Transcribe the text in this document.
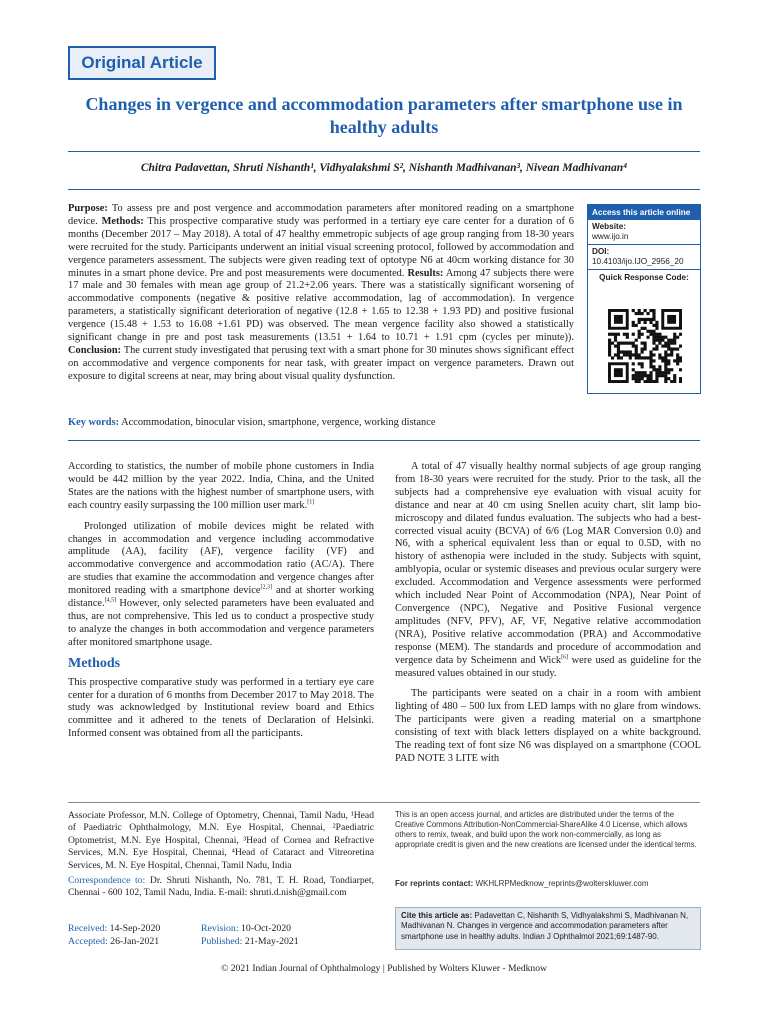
Original Article
Changes in vergence and accommodation parameters after smartphone use in healthy adults
Chitra Padavettan, Shruti Nishanth¹, Vidhyalakshmi S², Nishanth Madhivanan³, Nivean Madhivanan⁴

Purpose: To assess pre and post vergence and accommodation parameters after monitored reading on a smartphone device. Methods: This prospective comparative study was performed in a tertiary eye care center for a duration of 6 months (December 2017 – May 2018). A total of 47 healthy emmetropic subjects of age group ranging from 18-30 years were recruited for the study. Participants underwent an initial visual screening protocol, followed by accommodation and vergence parameters assessment. The subjects were given reading text of optotype N6 at 40cm working distance for 30 minutes in a smart phone device. Pre and post measurements were documented. Results: Among 47 subjects there were 17 male and 30 females with mean age group of 21.2+2.06 years. There was a statistically significant worsening of accommodative components (negative & positive relative accommodation, lag of accommodation). In vergence parameters, a statistically significant deterioration of negative (12.8 + 1.65 to 12.38 + 1.93 PD) and positive fusional vergence (15.48 + 1.53 to 16.08 +1.61 PD) was observed. The mean vergence facility also showed a statistically significant change in pre and post task measurements (13.51 + 1.64 to 10.71 + 1.91 cpm (cycles per minute)). Conclusion: The current study investigated that perusing text with a smart phone for 30 minutes shows significant effect on accommodative and vergence components for near task, with greater impact on vergence parameters. Drawn out exposure to digital screens at near, may bring about visual quality dysfunction.

Access this article online
Website:
www.ijo.in
DOI:
10.4103/ijo.IJO_2956_20
Quick Response Code:

Key words: Accommodation, binocular vision, smartphone, vergence, working distance

According to statistics, the number of mobile phone customers in India would be 442 million by the year 2022. India, China, and the United States are the nations with the highest number of smartphone users, with each country easily surpassing the 100 million user mark.[1]

Prolonged utilization of mobile devices might be related with changes in accommodation and vergence including accommodative amplitude (AA), facility (AF), vergence facility (VF) and accommodative convergence and accommodation ratio (AC/A). There are studies that examine the accommodation and vergence changes after monitored reading with a smartphone device[2,3] and at shorter working distance.[4,5] However, only selected parameters have been evaluated and thus, are not comprehensive. This led us to conduct a prospective study to analyze the changes in both accommodation and vergence parameters after monitored smartphone usage.

Methods

This prospective comparative study was performed in a tertiary eye care center for a duration of 6 months from December 2017 to May 2018. The study was acknowledged by Institutional review board and Ethics committee and it adhered to the tenets of Declaration of Helsinki. Informed consent was obtained from all the participants.

A total of 47 visually healthy normal subjects of age group ranging from 18-30 years were recruited for the study. Prior to the task, all the subjects had a comprehensive eye evaluation with visual acuity for distance and near at 40 cm using Snellen acuity chart, slit lamp bio-microscopy and dilated fundus evaluation. The subjects who had a best-corrected visual acuity (BCVA) of 6/6 (Log MAR Conversion 0.0) and N6, with a spherical equivalent less than or equal to 0.5D, with no history of asthenopia were included in the study. Subjects with squint, amblyopia, ocular or systemic diseases and previous ocular surgery were excluded. Accommodation and Vergence assessments were performed which included Near Point of Accommodation (NPA), Near Point of Convergence (NPC), Negative and Positive Fusional vergence amplitudes (NFV, PFV), AF, VF, Negative relative accommodation (NRA), Positive relative accommodation (PRA) and Accommodative response (MEM). The standards and procedure of accommodation and vergence data by Scheimenn and Wick[6] were used as guideline for the measured values obtained in our study.

The participants were seated on a chair in a room with ambient lighting of 480 – 500 lux from LED lamps with no glare from windows. The participants were given a reading material on a smartphone consisting of text with black letters displayed on a white background. The reading text of font size N6 was displayed on a smartphone (COOL PAD NOTE 3 LITE with

Associate Professor, M.N. College of Optometry, Chennai, Tamil Nadu, ¹Head of Paediatric Ophthalmology, M.N. Eye Hospital, Chennai, ²Paediatric Optometrist, M.N. Eye Hospital, Chennai, ³Head of Cornea and Refractive Services, M.N. Eye Hospital, Chennai, ⁴Head of Cataract and Vitreoretina Services, M. N. Eye Hospital, Chennai, Tamil Nadu, India
Correspondence to: Dr. Shruti Nishanth, No. 781, T. H. Road, Tondiarpet, Chennai - 600 102, Tamil Nadu, India. E-mail: shruti.d.nish@gmail.com
Received: 14-Sep-2020	Revision: 10-Oct-2020
Accepted: 26-Jan-2021	Published: 21-May-2021
This is an open access journal, and articles are distributed under the terms of the Creative Commons Attribution-NonCommercial-ShareAlike 4.0 License, which allows others to remix, tweak, and build upon the work non-commercially, as long as appropriate credit is given and the new creations are licensed under the identical terms.
For reprints contact: WKHLRPMedknow_reprints@wolterskluwer.com
Cite this article as: Padavettan C, Nishanth S, Vidhyalakshmi S, Madhivanan N, Madhivanan N. Changes in vergence and accommodation parameters after smartphone use in healthy adults. Indian J Ophthalmol 2021;69:1487-90.
© 2021 Indian Journal of Ophthalmology | Published by Wolters Kluwer - Medknow
